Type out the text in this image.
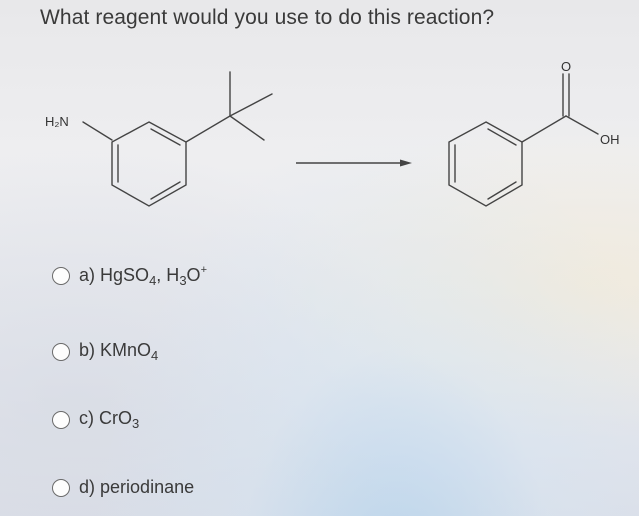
What reagent would you use to do this reaction?
H₂N
O
OH
a) HgSO$_4$, $H_3O^+$
b) KMnO$_4$
c) CrO$_3$
d) periodinane
